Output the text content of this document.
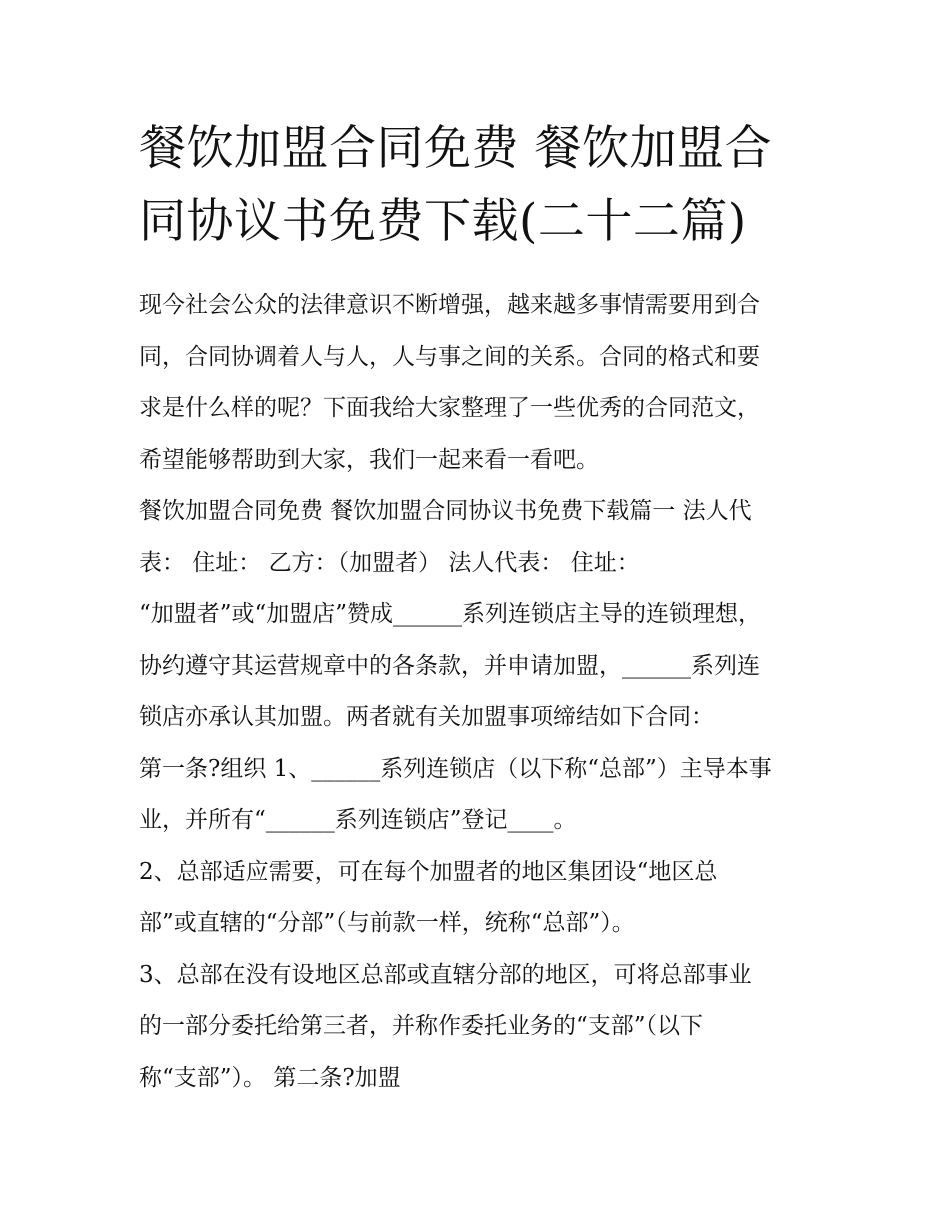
餐饮加盟合同免费 餐饮加盟合
同协议书免费下载(二十二篇)
现今社会公众的法律意识不断增强，越来越多事情需要用到合
同，合同协调着人与人，人与事之间的关系。合同的格式和要
求是什么样的呢？下面我给大家整理了一些优秀的合同范文，
希望能够帮助到大家，我们一起来看一看吧。
餐饮加盟合同免费 餐饮加盟合同协议书免费下载篇一 法人代
表： 住址： 乙方：（加盟者） 法人代表： 住址：
“加盟者”或“加盟店”赞成______系列连锁店主导的连锁理想，
协约遵守其运营规章中的各条款，并申请加盟，______系列连
锁店亦承认其加盟。两者就有关加盟事项缔结如下合同：
第一条?组织 1、______系列连锁店（以下称“总部”）主导本事
业，并所有“______系列连锁店”登记____。
2、总部适应需要，可在每个加盟者的地区集团设“地区总
部”或直辖的“分部”（与前款一样，统称“总部”）。
3、总部在没有设地区总部或直辖分部的地区，可将总部事业
的一部分委托给第三者，并称作委托业务的“支部”（以下
称“支部”）。 第二条?加盟
